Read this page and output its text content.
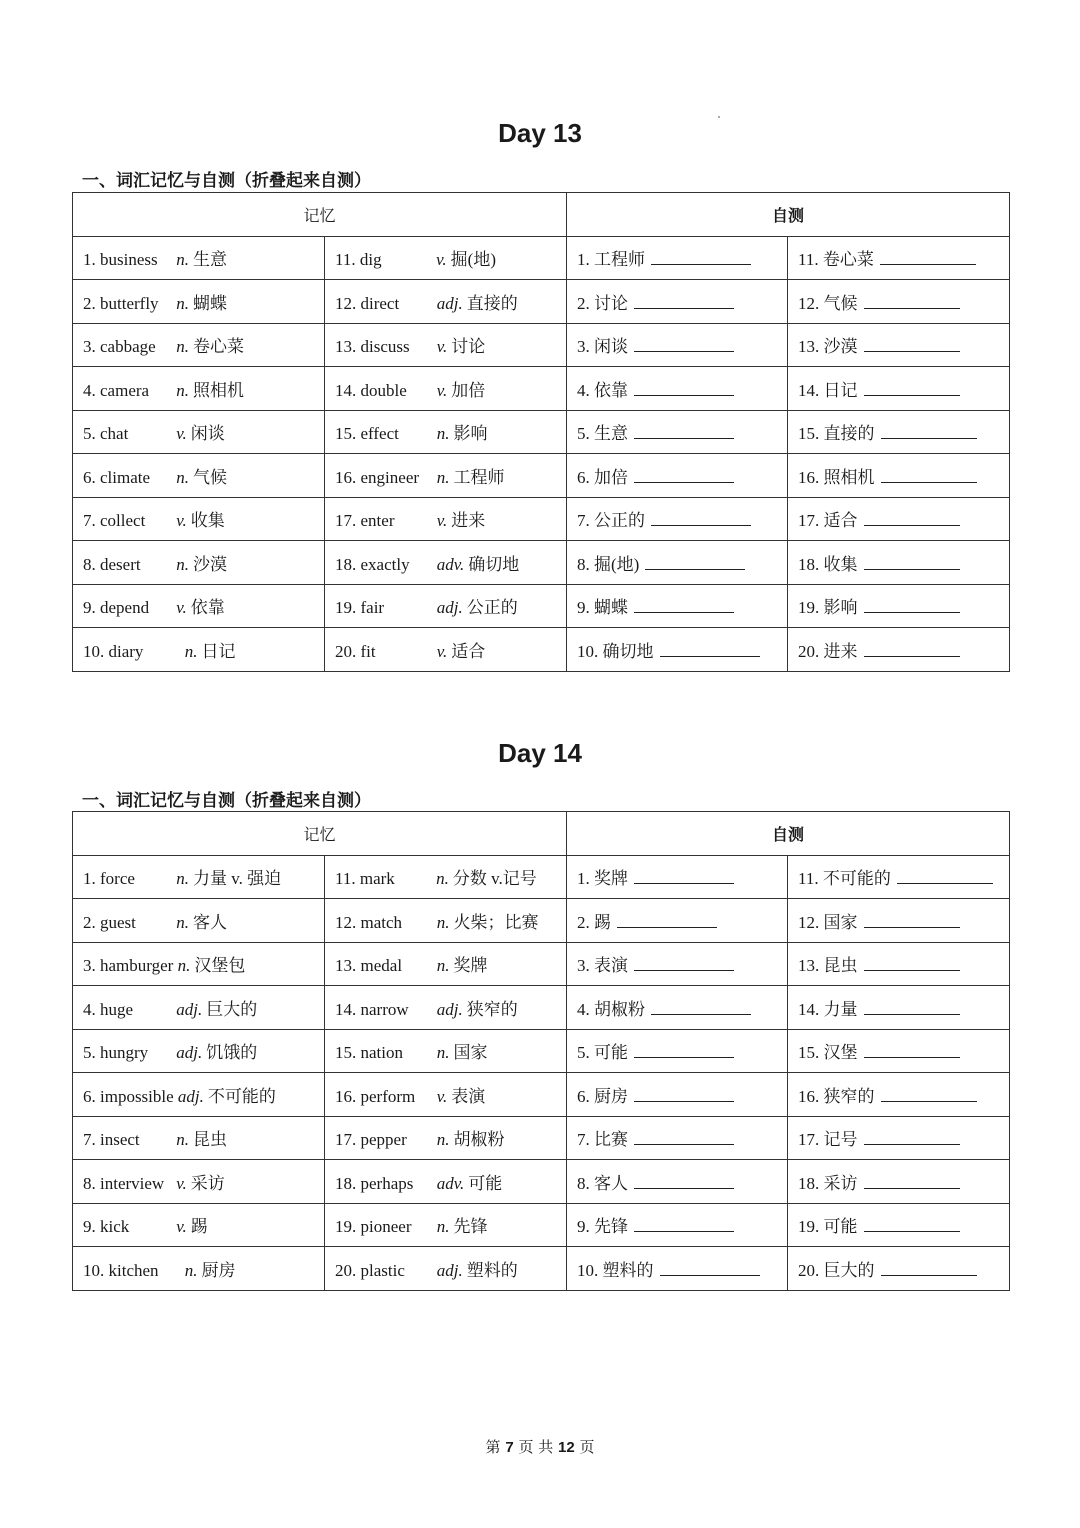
Day 13
一、词汇记忆与自测（折叠起来自测）
记忆		自测	
1. business n. 生意	11. dig v. 掘(地)	1. 工程师	11. 卷心菜
2. butterfly n. 蝴蝶	12. direct adj. 直接的	2. 讨论	12. 气候
3. cabbage n. 卷心菜	13. discuss v. 讨论	3. 闲谈	13. 沙漠
4. camera n. 照相机	14. double v. 加倍	4. 依靠	14. 日记
5. chat v. 闲谈	15. effect n. 影响	5. 生意	15. 直接的
6. climate n. 气候	16. engineer n. 工程师	6. 加倍	16. 照相机
7. collect v. 收集	17. enter v. 进来	7. 公正的	17. 适合
8. desert n. 沙漠	18. exactly adv. 确切地	8. 掘(地)	18. 收集
9. depend v. 依靠	19. fair adj. 公正的	9. 蝴蝶	19. 影响
10. diary n. 日记	20. fit v. 适合	10. 确切地	20. 进来
Day 14
一、词汇记忆与自测（折叠起来自测）
记忆		自测	
1. force n. 力量 v. 强迫	11. mark n. 分数 v.记号	1. 奖牌	11. 不可能的
2. guest n. 客人	12. match n. 火柴；比赛	2. 踢	12. 国家
3. hamburger n. 汉堡包	13. medal n. 奖牌	3. 表演	13. 昆虫
4. huge adj. 巨大的	14. narrow adj. 狭窄的	4. 胡椒粉	14. 力量
5. hungry adj. 饥饿的	15. nation n. 国家	5. 可能	15. 汉堡
6. impossible adj. 不可能的	16. perform v. 表演	6. 厨房	16. 狭窄的
7. insect n. 昆虫	17. pepper n. 胡椒粉	7. 比赛	17. 记号
8. interview v. 采访	18. perhaps adv. 可能	8. 客人	18. 采访
9. kick v. 踢	19. pioneer n. 先锋	9. 先锋	19. 可能
10. kitchen n. 厨房	20. plastic adj. 塑料的	10. 塑料的	20. 巨大的
第 7 页 共 12 页
